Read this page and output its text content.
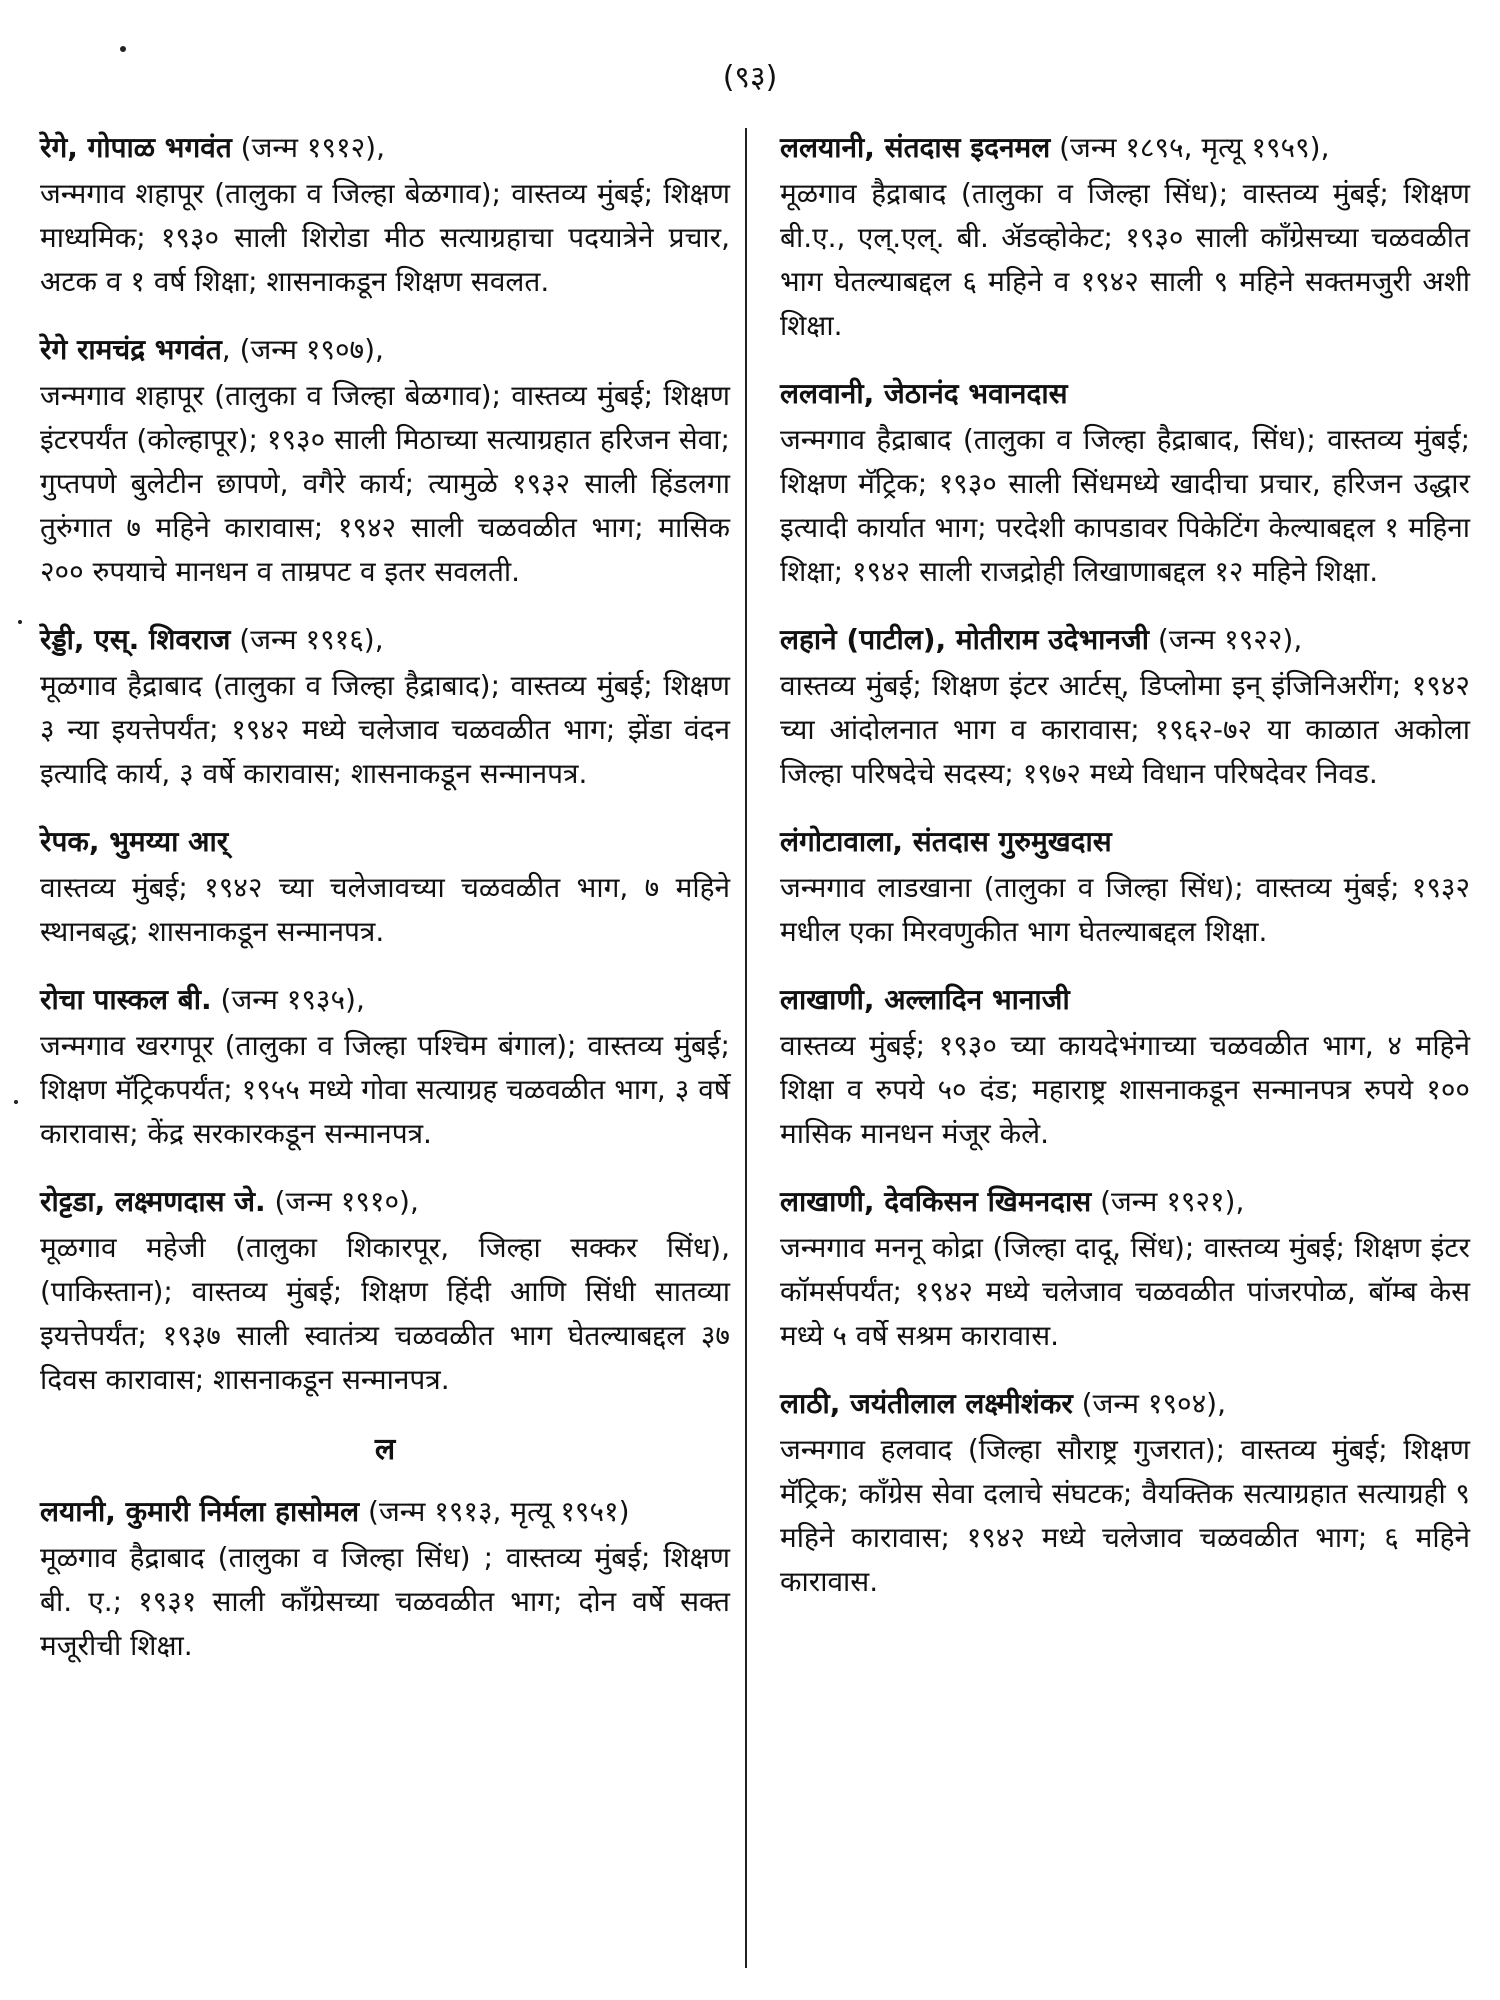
(९३)

रेगे, गोपाळ भगवंत (जन्म १९१२),

जन्मगाव शहापूर (तालुका व जिल्हा बेळगाव); वास्तव्य मुंबई; शिक्षण माध्यमिक; १९३० साली शिरोडा मीठ सत्याग्रहाचा पदयात्रेने प्रचार, अटक व १ वर्ष शिक्षा; शासनाकडून शिक्षण सवलत.

रेगे रामचंद्र भगवंत, (जन्म १९०७),

जन्मगाव शहापूर (तालुका व जिल्हा बेळगाव); वास्तव्य मुंबई; शिक्षण इंटरपर्यंत (कोल्हापूर); १९३० साली मिठाच्या सत्याग्रहात हरिजन सेवा; गुप्तपणे बुलेटीन छापणे, वगैरे कार्य; त्यामुळे १९३२ साली हिंडलगा तुरुंगात ७ महिने कारावास; १९४२ साली चळवळीत भाग; मासिक २०० रुपयाचे मानधन व ताम्रपट व इतर सवलती.

रेड्डी, एस्. शिवराज (जन्म १९१६),

मूळगाव हैद्राबाद (तालुका व जिल्हा हैद्राबाद); वास्तव्य मुंबई; शिक्षण ३ न्या इयत्तेपर्यंत; १९४२ मध्ये चलेजाव चळवळीत भाग; झेंडा वंदन इत्यादि कार्य, ३ वर्षे कारावास; शासनाकडून सन्मानपत्र.

रेपक, भुमय्या आर्

वास्तव्य मुंबई; १९४२ च्या चलेजावच्या चळवळीत भाग, ७ महिने स्थानबद्ध; शासनाकडून सन्मानपत्र.

रोचा पास्कल बी. (जन्म १९३५),

जन्मगाव खरगपूर (तालुका व जिल्हा पश्चिम बंगाल); वास्तव्य मुंबई; शिक्षण मॅट्रिकपर्यंत; १९५५ मध्ये गोवा सत्याग्रह चळवळीत भाग, ३ वर्षे कारावास; केंद्र सरकारकडून सन्मानपत्र.

रोट्टडा, लक्ष्मणदास जे. (जन्म १९१०),

मूळगाव महेजी (तालुका शिकारपूर, जिल्हा सक्कर सिंध), (पाकिस्तान); वास्तव्य मुंबई; शिक्षण हिंदी आणि सिंधी सातव्या इयत्तेपर्यंत; १९३७ साली स्वातंत्र्य चळवळीत भाग घेतल्याबद्दल ३७ दिवस कारावास; शासनाकडून सन्मानपत्र.

ल

लयानी, कुमारी निर्मला हासोमल (जन्म १९१३, मृत्यू १९५१)

मूळगाव हैद्राबाद (तालुका व जिल्हा सिंध) ; वास्तव्य मुंबई; शिक्षण बी. ए.; १९३१ साली काँग्रेसच्या चळवळीत भाग; दोन वर्षे सक्त मजूरीची शिक्षा.

ललयानी, संतदास इदनमल (जन्म १८९५, मृत्यू १९५९),

मूळगाव हैद्राबाद (तालुका व जिल्हा सिंध); वास्तव्य मुंबई; शिक्षण बी.ए., एल्.एल्. बी. ॲडव्होकेट; १९३० साली काँग्रेसच्या चळवळीत भाग घेतल्याबद्दल ६ महिने व १९४२ साली ९ महिने सक्तमजुरी अशी शिक्षा.

ललवानी, जेठानंद भवानदास

जन्मगाव हैद्राबाद (तालुका व जिल्हा हैद्राबाद, सिंध); वास्तव्य मुंबई; शिक्षण मॅट्रिक; १९३० साली सिंधमध्ये खादीचा प्रचार, हरिजन उद्धार इत्यादी कार्यात भाग; परदेशी कापडावर पिकेटिंग केल्याबद्दल १ महिना शिक्षा; १९४२ साली राजद्रोही लिखाणाबद्दल १२ महिने शिक्षा.

लहाने (पाटील), मोतीराम उदेभानजी (जन्म १९२२),

वास्तव्य मुंबई; शिक्षण इंटर आर्टस्, डिप्लोमा इन् इंजिनिअरींग; १९४२ च्या आंदोलनात भाग व कारावास; १९६२-७२ या काळात अकोला जिल्हा परिषदेचे सदस्य; १९७२ मध्ये विधान परिषदेवर निवड.

लंगोटावाला, संतदास गुरुमुखदास

जन्मगाव लाडखाना (तालुका व जिल्हा सिंध); वास्तव्य मुंबई; १९३२ मधील एका मिरवणुकीत भाग घेतल्याबद्दल शिक्षा.

लाखाणी, अल्लादिन भानाजी

वास्तव्य मुंबई; १९३० च्या कायदेभंगाच्या चळवळीत भाग, ४ महिने शिक्षा व रुपये ५० दंड; महाराष्ट्र शासनाकडून सन्मानपत्र रुपये १०० मासिक मानधन मंजूर केले.

लाखाणी, देवकिसन खिमनदास (जन्म १९२१),

जन्मगाव मननू कोद्रा (जिल्हा दादू, सिंध); वास्तव्य मुंबई; शिक्षण इंटर कॉमर्सपर्यंत; १९४२ मध्ये चलेजाव चळवळीत पांजरपोळ, बॉम्ब केस मध्ये ५ वर्षे सश्रम कारावास.

लाठी, जयंतीलाल लक्ष्मीशंकर (जन्म १९०४),

जन्मगाव हलवाद (जिल्हा सौराष्ट्र गुजरात); वास्तव्य मुंबई; शिक्षण मॅट्रिक; काँग्रेस सेवा दलाचे संघटक; वैयक्तिक सत्याग्रहात सत्याग्रही ९ महिने कारावास; १९४२ मध्ये चलेजाव चळवळीत भाग; ६ महिने कारावास.
